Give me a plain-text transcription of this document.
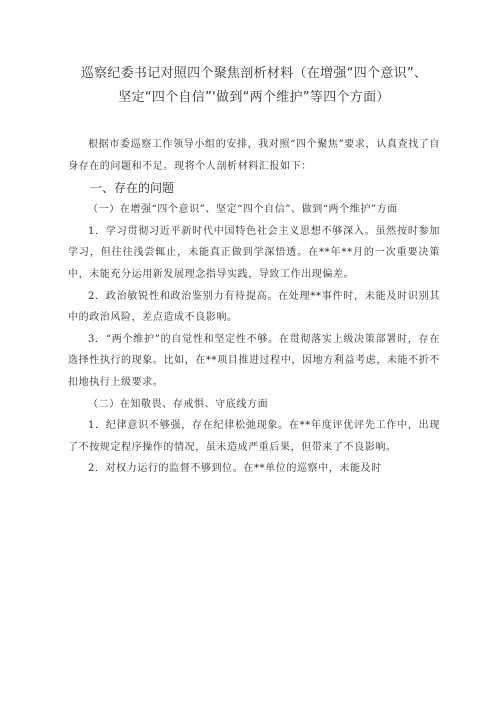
巡察纪委书记对照四个聚焦剖析材料（在增强“四个意识”、
坚定“四个自信”'做到“两个维护”等四个方面）

根据市委巡察工作领导小组的安排，我对照“四个聚焦”要求，认真查找了自身存在的问题和不足。现将个人剖析材料汇报如下：

一、存在的问题

（一）在增强“四个意识”、坚定“四个自信”、做到“两个维护”方面

1．学习贯彻习近平新时代中国特色社会主义思想不够深入。虽然按时参加学习，但往往浅尝辄止，未能真正做到学深悟透。在**年**月的一次重要决策中，未能充分运用新发展理念指导实践，导致工作出现偏差。

2．政治敏锐性和政治鉴别力有待提高。在处理**事件时，未能及时识别其中的政治风险，差点造成不良影响。

3．“两个维护”的自觉性和坚定性不够。在贯彻落实上级决策部署时，存在选择性执行的现象。比如，在**项目推进过程中，因地方利益考虑，未能不折不扣地执行上级要求。

（二）在知敬畏、存戒惧、守底线方面

1．纪律意识不够强，存在纪律松弛现象。在**年度评优评先工作中，出现了不按规定程序操作的情况，虽未造成严重后果，但带来了不良影响。

2．对权力运行的监督不够到位。在**单位的巡察中，未能及时
